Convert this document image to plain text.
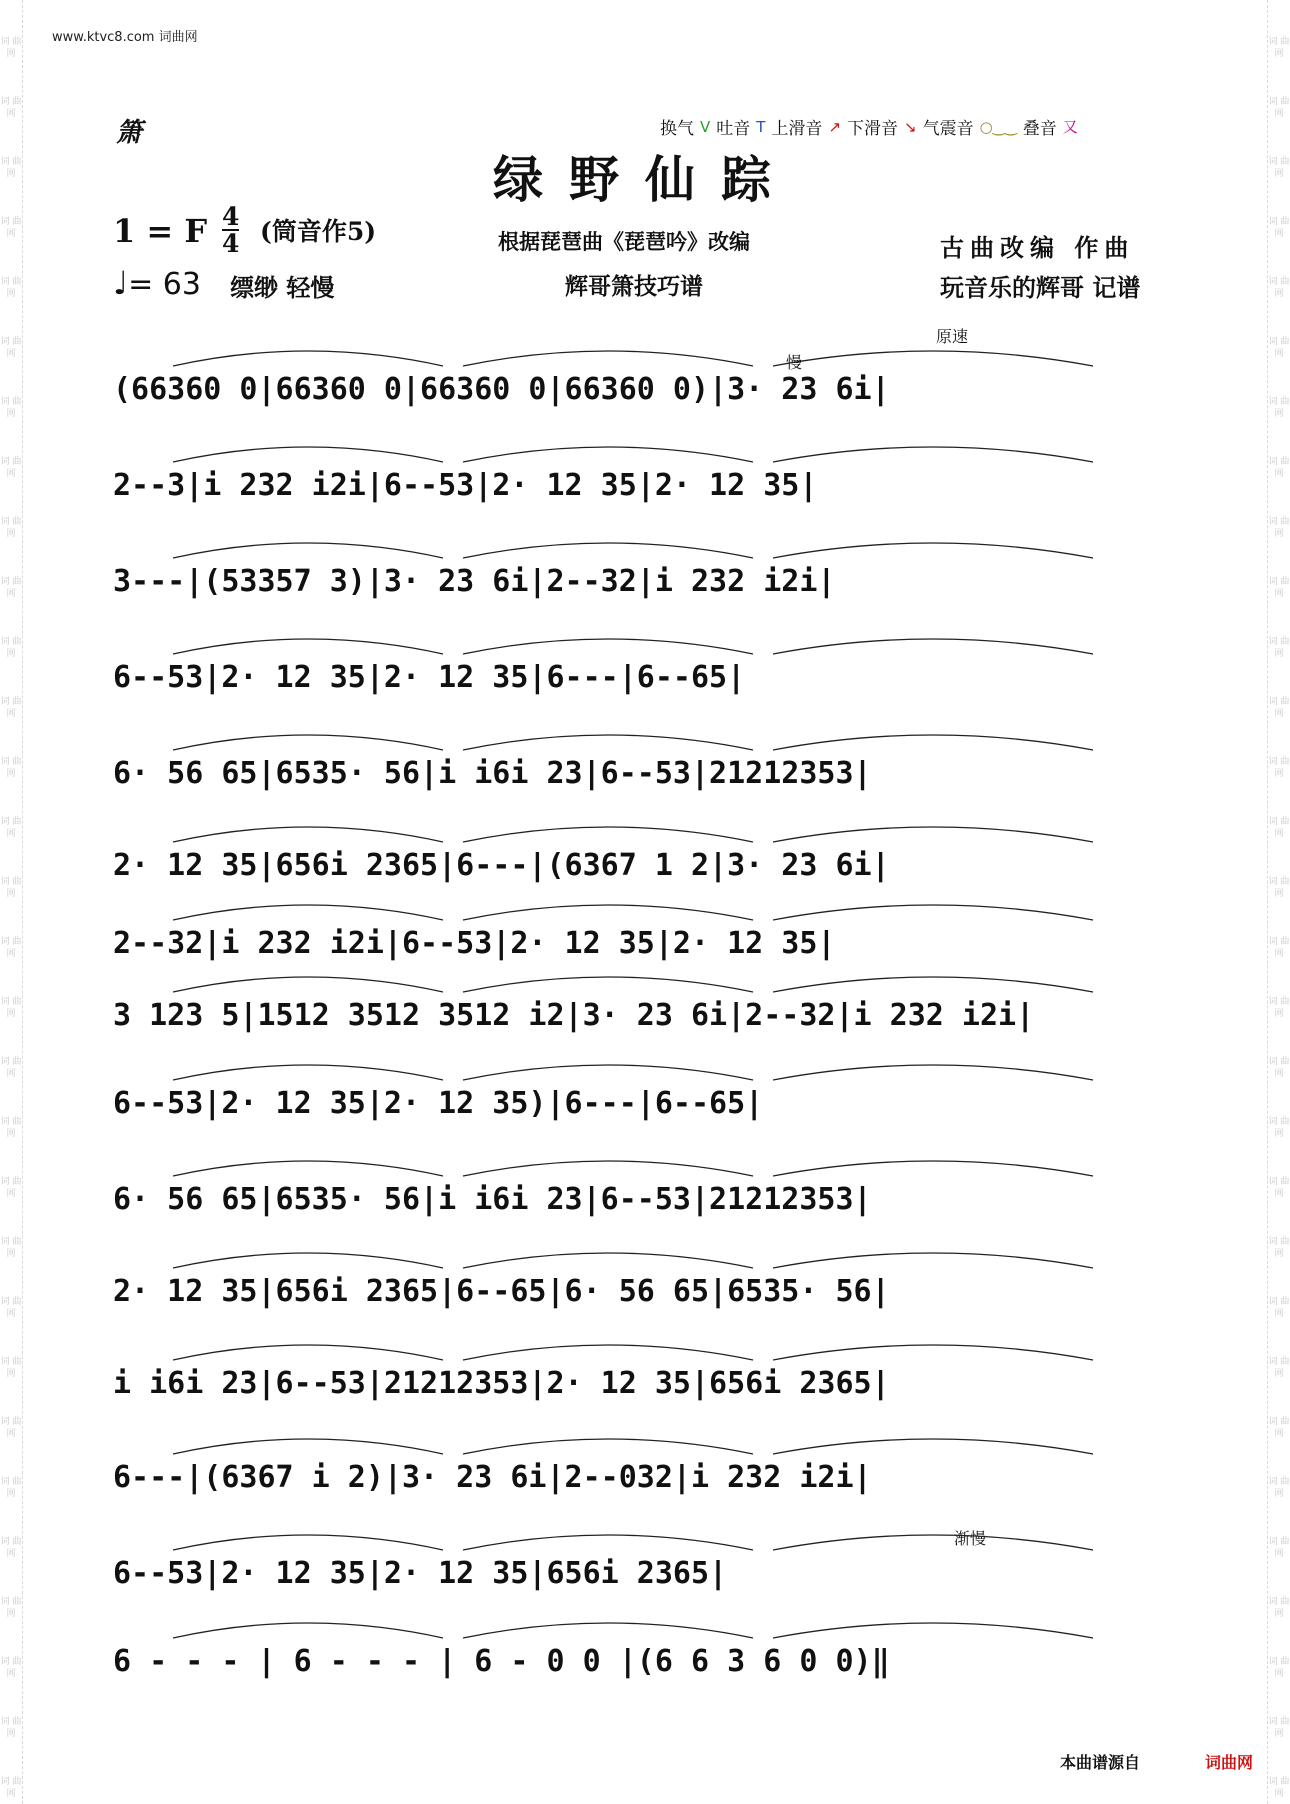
词 曲 网
词 曲 网
词 曲 网
词 曲 网
词 曲 网
词 曲 网
词 曲 网
词 曲 网
词 曲 网
词 曲 网
词 曲 网
词 曲 网
词 曲 网
词 曲 网
词 曲 网
词 曲 网
词 曲 网
词 曲 网
词 曲 网
词 曲 网
词 曲 网
词 曲 网
词 曲 网
词 曲 网
词 曲 网
词 曲 网
词 曲 网
词 曲 网
词 曲 网
词 曲 网
词 曲 网
词 曲 网
词 曲 网
词 曲 网
词 曲 网
词 曲 网
词 曲 网
词 曲 网
词 曲 网
词 曲 网
词 曲 网
词 曲 网
词 曲 网
词 曲 网
词 曲 网
词 曲 网
词 曲 网
词 曲 网
词 曲 网
词 曲 网
词 曲 网
词 曲 网
词 曲 网
词 曲 网
词 曲 网
词 曲 网
词 曲 网
词 曲 网
词 曲 网
词 曲 网
www.ktvc8.com 词曲网
箫	换气 V 吐音 T 上滑音 ↗ 下滑音 ↘ 气震音 ○‿‿ 叠音 又
绿野仙踪
1 = F 4
4 (筒音作5)
♩= 63 缥缈 轻慢
根据琵琶曲《琵琶吟》改编
辉哥箫技巧谱
古曲改编 作曲
玩音乐的辉哥 记谱
慢
原速
渐慢
(66360 0|66360 0|66360 0|66360 0)|3· 23 6i|
2--3|i 232 i2i|6--53|2· 12 35|2· 12 35|
3---|(53357 3)|3· 23 6i|2--32|i 232 i2i|
6--53|2· 12 35|2· 12 35|6---|6--65|
6· 56 65|6535· 56|i i6i 23|6--53|21212353|
2· 12 35|656i 2365|6---|(6367 1 2|3· 23 6i|
2--32|i 232 i2i|6--53|2· 12 35|2· 12 35|
3 123 5|1512 3512 3512 i2|3· 23 6i|2--32|i 232 i2i|
6--53|2· 12 35|2· 12 35)|6---|6--65|
6· 56 65|6535· 56|i i6i 23|6--53|21212353|
2· 12 35|656i 2365|6--65|6· 56 65|6535· 56|
i i6i 23|6--53|21212353|2· 12 35|656i 2365|
6---|(6367 i 2)|3· 23 6i|2--032|i 232 i2i|
6--53|2· 12 35|2· 12 35|656i 2365|
6 - - - | 6 - - - | 6 - 0 0 |(6 6 3 6 0 0)‖
本曲谱源自	词曲网
